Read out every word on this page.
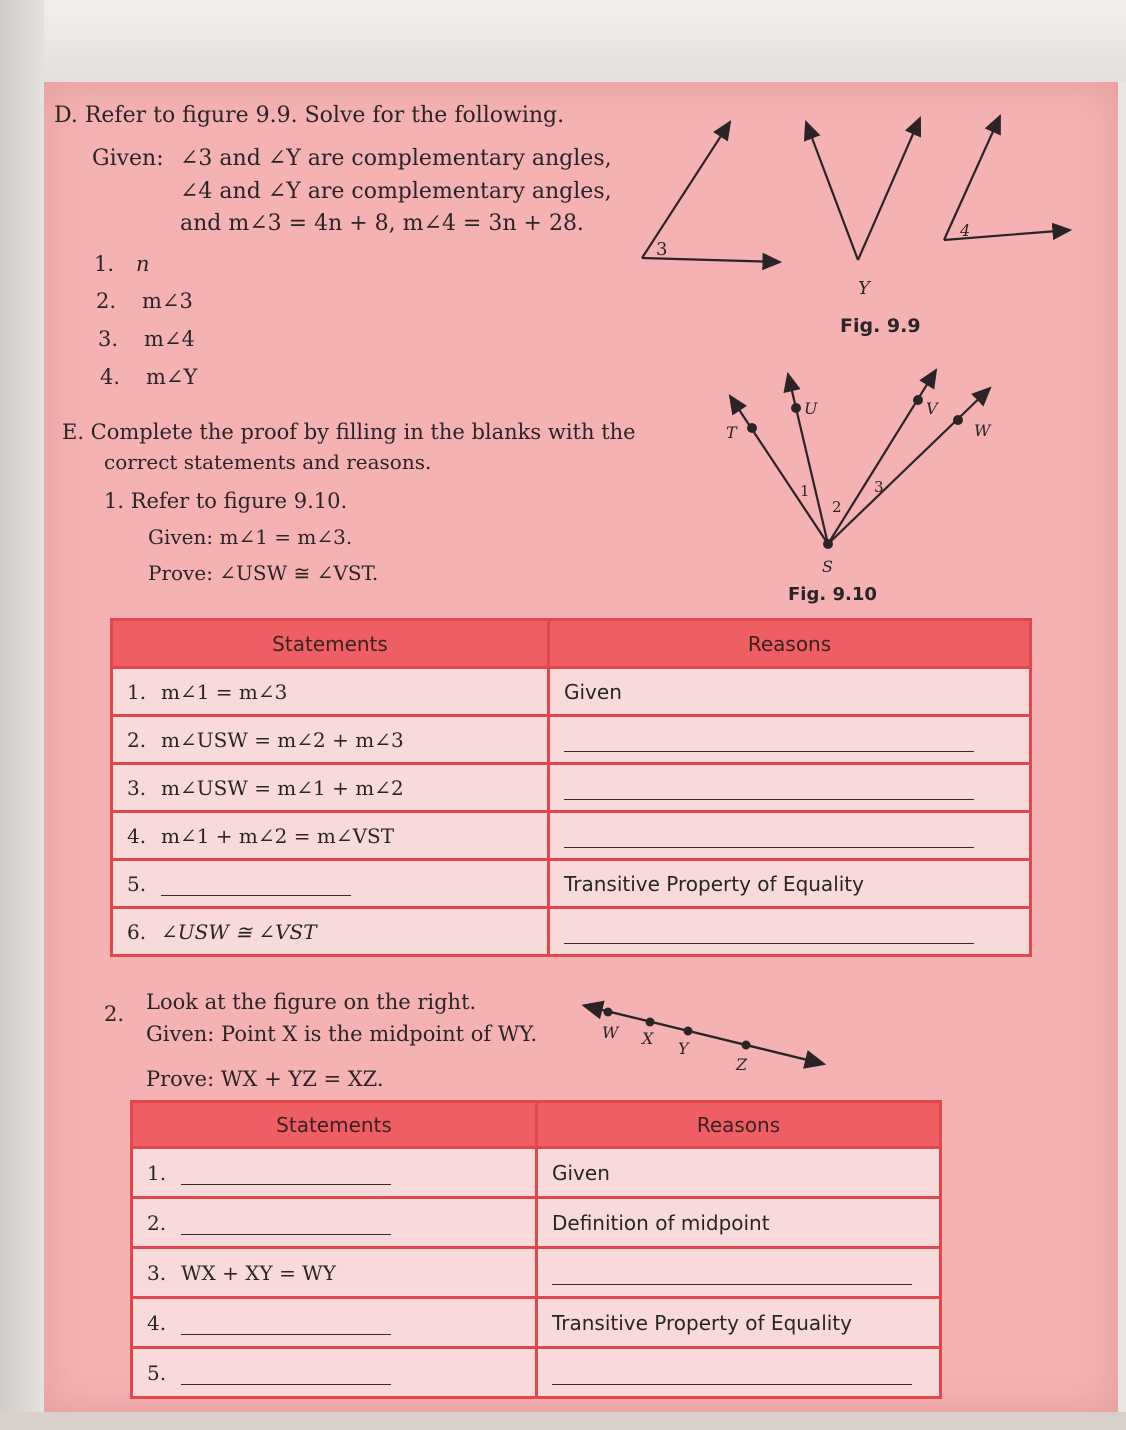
D. Refer to figure 9.9. Solve for the following.
Given: ∠3 and ∠Y are complementary angles,
∠4 and ∠Y are complementary angles,
and m∠3 = 4n + 8, m∠4 = 3n + 28.
1. n
2. m∠3
3. m∠4
4. m∠Y
3
4
Y
Fig. 9.9
E. Complete the proof by filling in the blanks with the
correct statements and reasons.
1. Refer to figure 9.10.
Given: m∠1 = m∠3.
Prove: ∠USW ≅ ∠VST.
T
U	V
W
S
1
2
3
Fig. 9.10
Statements	Reasons
1. m∠1 = m∠3	Given
2. m∠USW = m∠2 + m∠3	
3. m∠USW = m∠1 + m∠2	
4. m∠1 + m∠2 = m∠VST	
5.	Transitive Property of Equality
6. ∠USW ≅ ∠VST	
2. Look at the figure on the right.
Given: Point X is the midpoint of WY.
Prove: WX + YZ = XZ.
W X
Y
Z
Statements	Reasons
1.	Given
2.	Definition of midpoint
3. WX + XY = WY	
4.	Transitive Property of Equality
5.	
